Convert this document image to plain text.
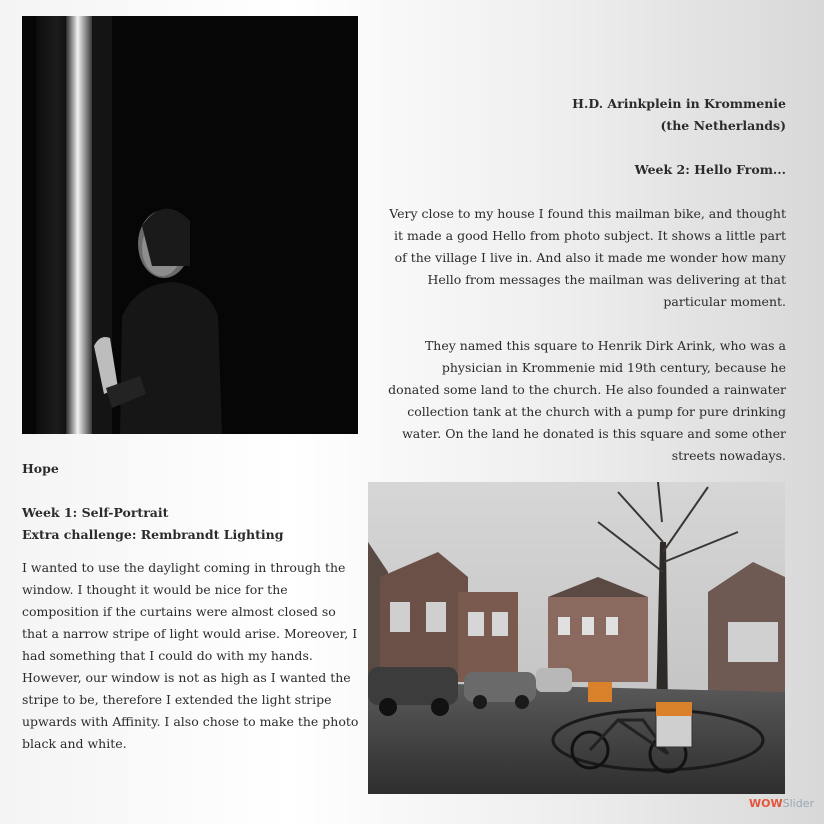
H.D. Arinkplein in Krommenie

(the Netherlands)

Week 2: Hello From...

Very close to my house I found this mailman bike, and thought it made a good Hello from photo subject. It shows a little part of the village I live in. And also it made me wonder how many Hello from messages the mailman was delivering at that particular moment.

They named this square to Henrik Dirk Arink, who was a physician in Krommenie mid 19th century, because he donated some land to the church. He also founded a rainwater collection tank at the church with a pump for pure drinking water. On the land he donated is this square and some other streets nowadays.

Hope

Week 1: Self-Portrait

Extra challenge: Rembrandt Lighting

I wanted to use the daylight coming in through the window. I thought it would be nice for the composition if the curtains were almost closed so that a narrow stripe of light would arise. Moreover, I had something that I could do with my hands. However, our window is not as high as I wanted the stripe to be, therefore I extended the light stripe upwards with Affinity. I also chose to make the photo black and white.

WOWSlider
